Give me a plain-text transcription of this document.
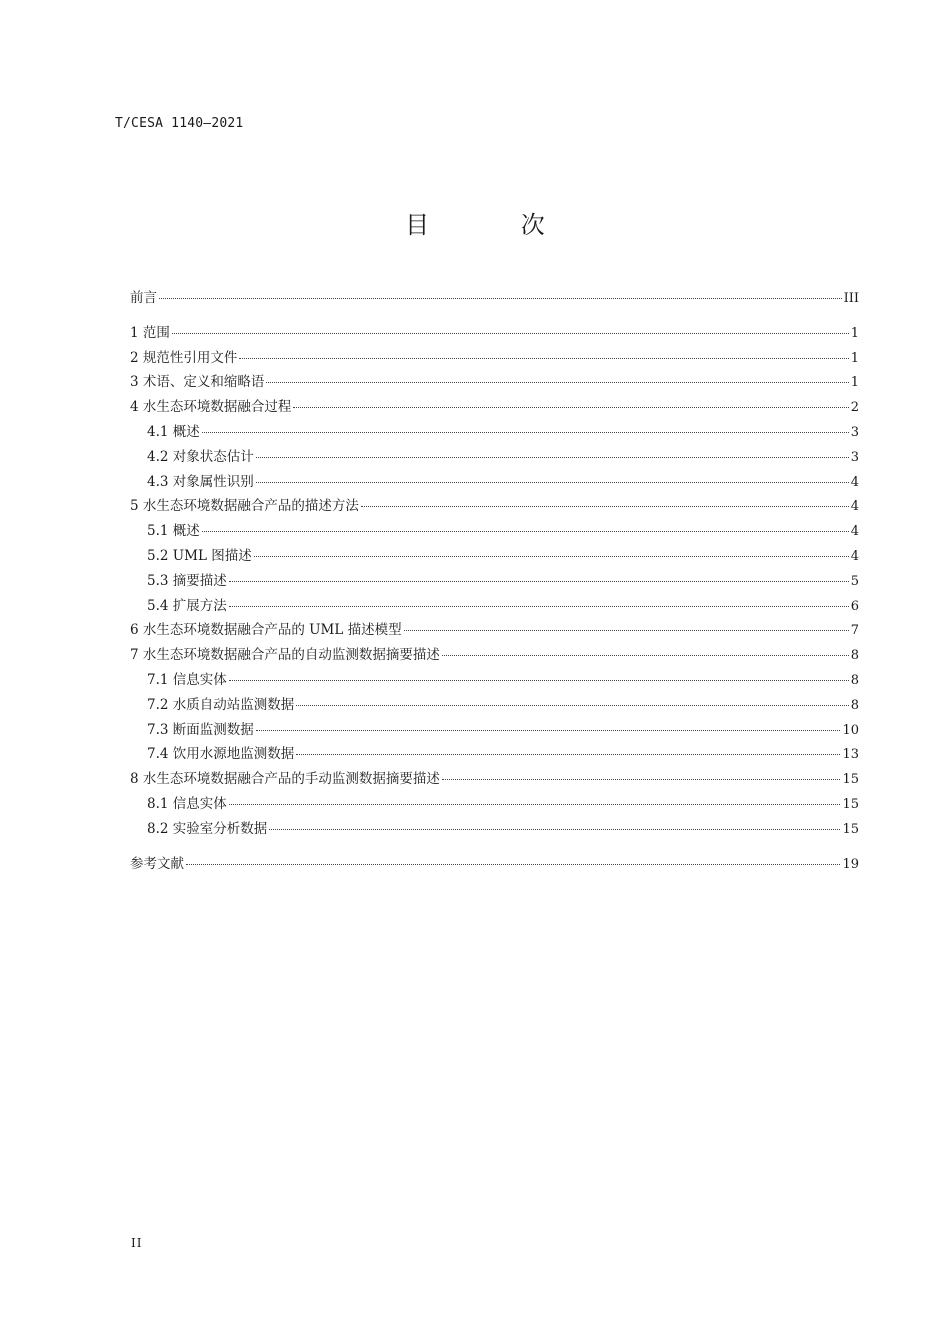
T/CESA 1140—2021
目 次
前言	III
1 范围	1
2 规范性引用文件	1
3 术语、定义和缩略语	1
4 水生态环境数据融合过程	2
4.1 概述	3
4.2 对象状态估计	3
4.3 对象属性识别	4
5 水生态环境数据融合产品的描述方法	4
5.1 概述	4
5.2 UML 图描述	4
5.3 摘要描述	5
5.4 扩展方法	6
6 水生态环境数据融合产品的 UML 描述模型	7
7 水生态环境数据融合产品的自动监测数据摘要描述	8
7.1 信息实体	8
7.2 水质自动站监测数据	8
7.3 断面监测数据	10
7.4 饮用水源地监测数据	13
8 水生态环境数据融合产品的手动监测数据摘要描述	15
8.1 信息实体	15
8.2 实验室分析数据	15
参考文献	19
II
